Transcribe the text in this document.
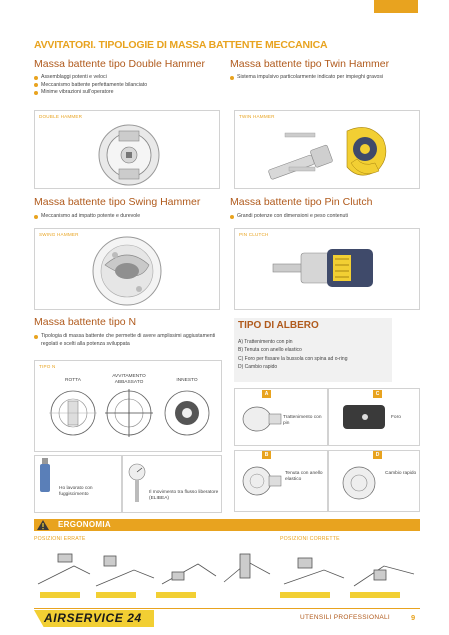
AVVITATORI. TIPOLOGIE DI MASSA BATTENTE MECCANICA
Massa battente tipo Double Hammer
Assemblaggi potenti e veloci
Meccanismo battente perfettamente bilanciato
Minime vibrazioni sull'operatore
DOUBLE HAMMER
Massa battente tipo Twin Hammer
Sistema impulsivo particolarmente indicato per impieghi gravosi
TWIN HAMMER
Massa battente tipo Swing Hammer
Meccanismo ad impatto potente e durevole
SWING HAMMER
Massa battente tipo Pin Clutch
Grandi potenze con dimensioni e peso contenuti
PIN CLUTCH
Massa battente tipo N
Tipologia di massa battente che permette di avere amplissimi aggiustamenti regolati e scelti alla potenza sviluppata
TIPO N
ROTTA
AVVITAMENTO ABBASSATO	INNESTO
Ho lavorato con fuggiscimento	Il movimento tra flusso liberatore (ELIBEA)
TIPO DI ALBERO
A) Trattenimento con pin
B) Tenuta con anello elastico
C) Foro per fissare la bussola con spina ad o-ring
D) Cambio rapido
Trattenimento con pin
Foro
Tenuta con anello elastico
Cambio rapido
A	C
B	D
ERGONOMIA
POSIZIONI ERRATE	POSIZIONI CORRETTE
AIRSERVICE 24	UTENSILI PROFESSIONALI	9
